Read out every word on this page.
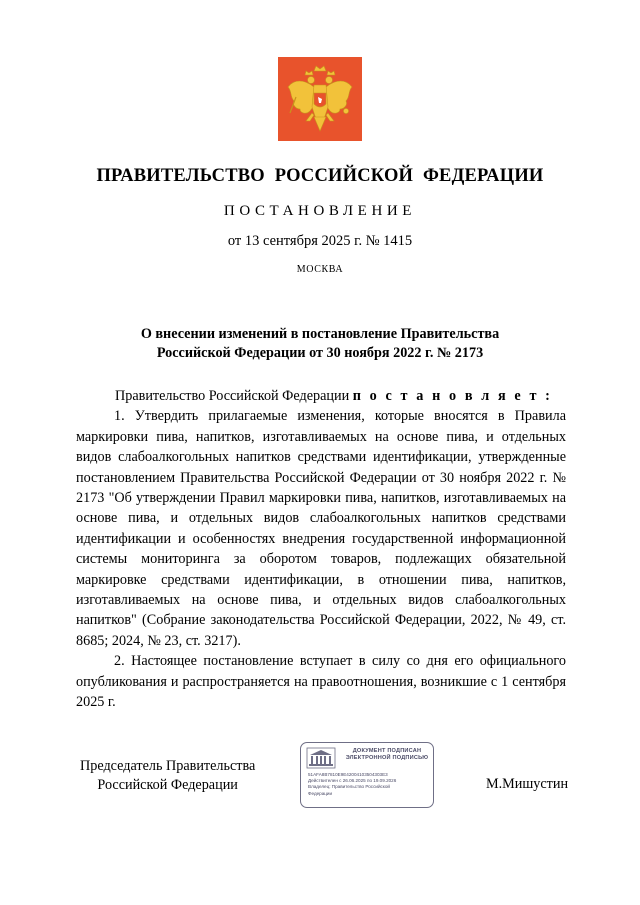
ПРАВИТЕЛЬСТВО РОССИЙСКОЙ ФЕДЕРАЦИИ
ПОСТАНОВЛЕНИЕ
от 13 сентября 2025 г. № 1415
МОСКВА
О внесении изменений в постановление Правительства
Российской Федерации от 30 ноября 2022 г. № 2173

Правительство Российской Федерации п о с т а н о в л я е т :

1. Утвердить прилагаемые изменения, которые вносятся в Правила маркировки пива, напитков, изготавливаемых на основе пива, и отдельных видов слабоалкогольных напитков средствами идентификации, утвержденные постановлением Правительства Российской Федерации от 30 ноября 2022 г. № 2173 "Об утверждении Правил маркировки пива, напитков, изготавливаемых на основе пива, и отдельных видов слабоалкогольных напитков средствами идентификации и особенностях внедрения государственной информационной системы мониторинга за оборотом товаров, подлежащих обязательной маркировке средствами идентификации, в отношении пива, напитков, изготавливаемых на основе пива, и отдельных видов слабоалкогольных напитков" (Собрание законодательства Российской Федерации, 2022, № 49, ст. 8685; 2024, № 23, ст. 3217).

2. Настоящее постановление вступает в силу со дня его официального опубликования и распространяется на правоотношения, возникшие с 1 сентября 2025 г.

Председатель Правительства
Российской Федерации
ДОКУМЕНТ ПОДПИСАН
ЭЛЕКТРОННОЙ ПОДПИСЬЮ
51AFA8B7810E9E42004103504303E3
Действителен с 26.06.2025 по 19.09.2026
Владелец: Правительство Российской
Федерации
М.Мишустин
